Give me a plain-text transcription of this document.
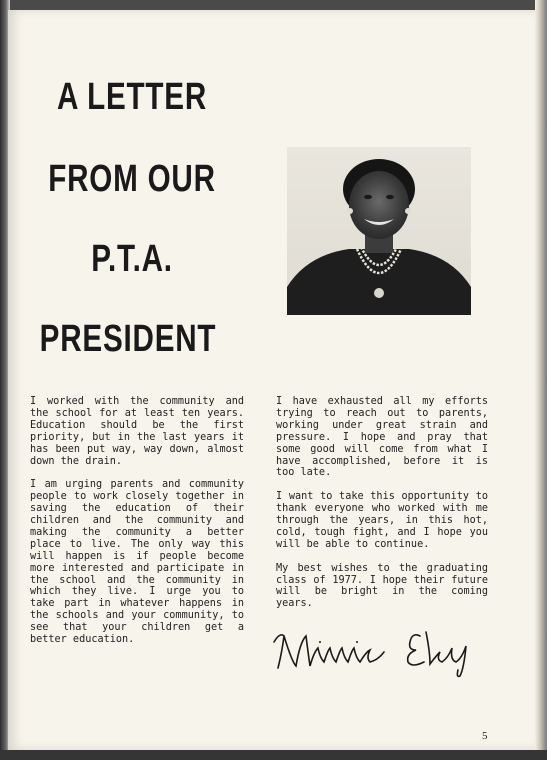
A LETTER
FROM OUR
P.T.A.
PRESIDENT

I worked with the community and the school for at least ten years. Education should be the first priority, but in the last years it has been put way, way down, almost down the drain.

I am urging parents and community people to work closely together in saving the education of their children and the community and making the community a better place to live. The only way this will happen is if people become more interested and participate in the school and the community in which they live. I urge you to take part in whatever happens in the schools and your community, to see that your children get a better education.

I have exhausted all my efforts trying to reach out to parents, working under great strain and pressure. I hope and pray that some good will come from what I have accomplished, before it is too late.

I want to take this opportunity to thank everyone who worked with me through the years, in this hot, cold, tough fight, and I hope you will be able to continue.

My best wishes to the graduating class of 1977. I hope their future will be bright in the coming years.

5
